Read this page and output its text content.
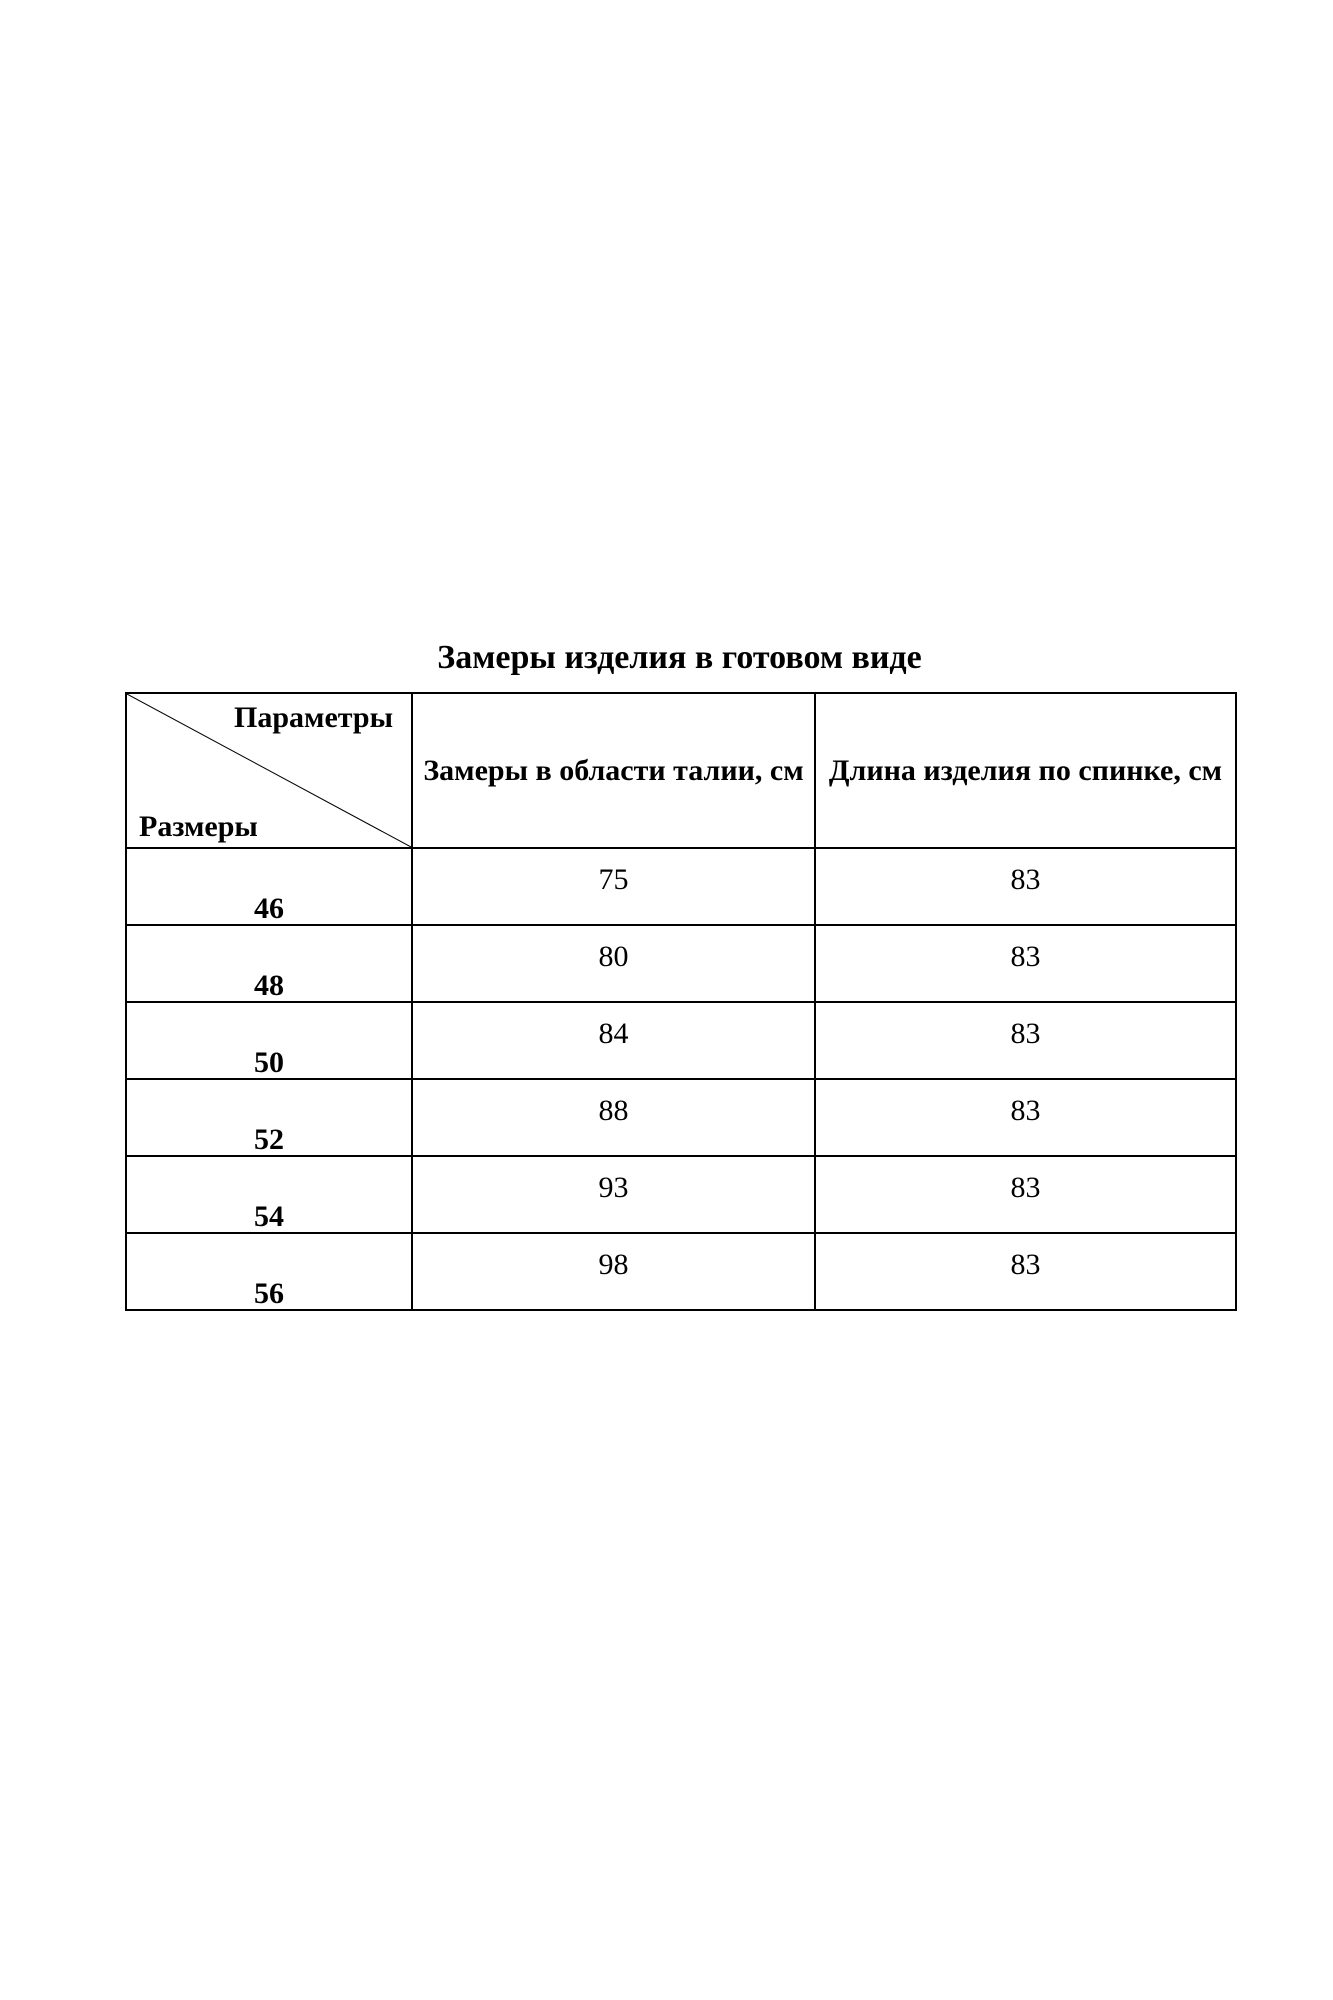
Замеры изделия в готовом виде
Параметры
Размеры	Замеры в области талии, см	Длина изделия по спинке, см
46	75	83
48	80	83
50	84	83
52	88	83
54	93	83
56	98	83
